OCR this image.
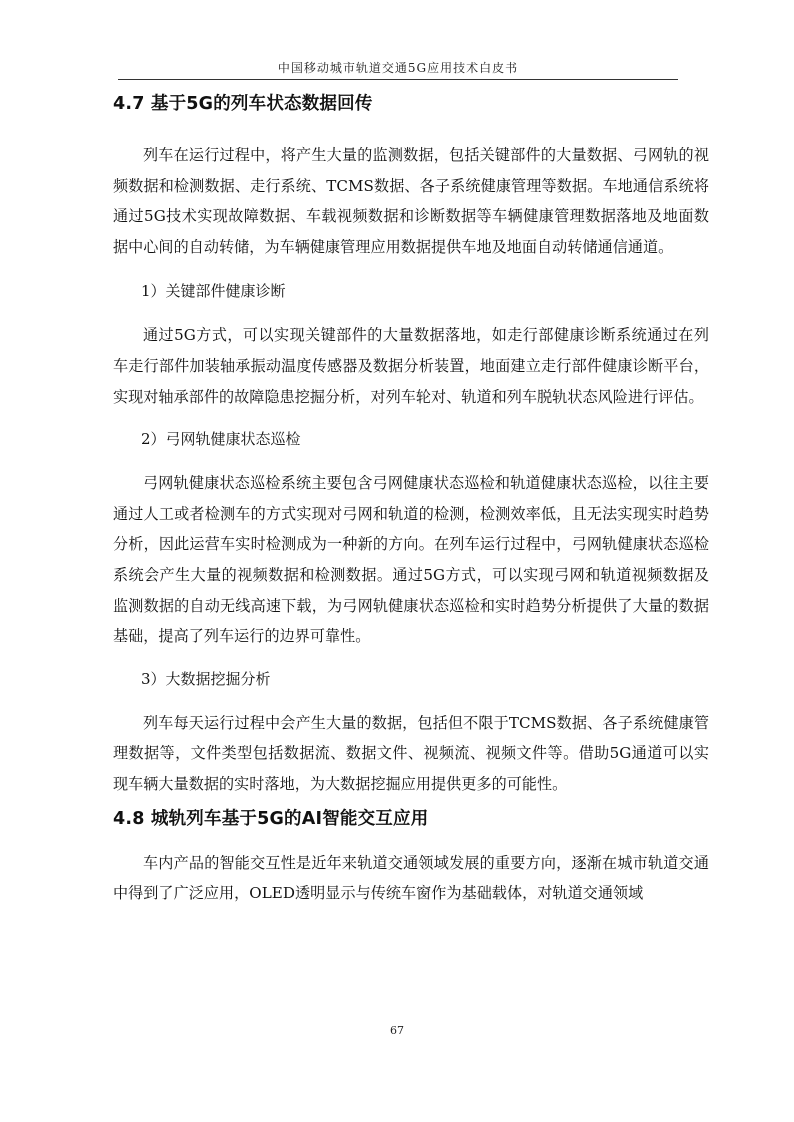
中国移动城市轨道交通5G应用技术白皮书
4.7 基于5G的列车状态数据回传

列车在运行过程中，将产生大量的监测数据，包括关键部件的大量数据、弓网轨的视频数据和检测数据、走行系统、TCMS数据、各子系统健康管理等数据。车地通信系统将通过5G技术实现故障数据、车载视频数据和诊断数据等车辆健康管理数据落地及地面数据中心间的自动转储，为车辆健康管理应用数据提供车地及地面自动转储通信通道。

1）关键部件健康诊断

通过5G方式，可以实现关键部件的大量数据落地，如走行部健康诊断系统通过在列车走行部件加装轴承振动温度传感器及数据分析装置，地面建立走行部件健康诊断平台，实现对轴承部件的故障隐患挖掘分析，对列车轮对、轨道和列车脱轨状态风险进行评估。

2）弓网轨健康状态巡检

弓网轨健康状态巡检系统主要包含弓网健康状态巡检和轨道健康状态巡检，以往主要通过人工或者检测车的方式实现对弓网和轨道的检测，检测效率低，且无法实现实时趋势分析，因此运营车实时检测成为一种新的方向。在列车运行过程中，弓网轨健康状态巡检系统会产生大量的视频数据和检测数据。通过5G方式，可以实现弓网和轨道视频数据及监测数据的自动无线高速下载，为弓网轨健康状态巡检和实时趋势分析提供了大量的数据基础，提高了列车运行的边界可靠性。

3）大数据挖掘分析

列车每天运行过程中会产生大量的数据，包括但不限于TCMS数据、各子系统健康管理数据等，文件类型包括数据流、数据文件、视频流、视频文件等。借助5G通道可以实现车辆大量数据的实时落地，为大数据挖掘应用提供更多的可能性。

4.8 城轨列车基于5G的AI智能交互应用

车内产品的智能交互性是近年来轨道交通领域发展的重要方向，逐渐在城市轨道交通中得到了广泛应用，OLED透明显示与传统车窗作为基础载体，对轨道交通领域

67
